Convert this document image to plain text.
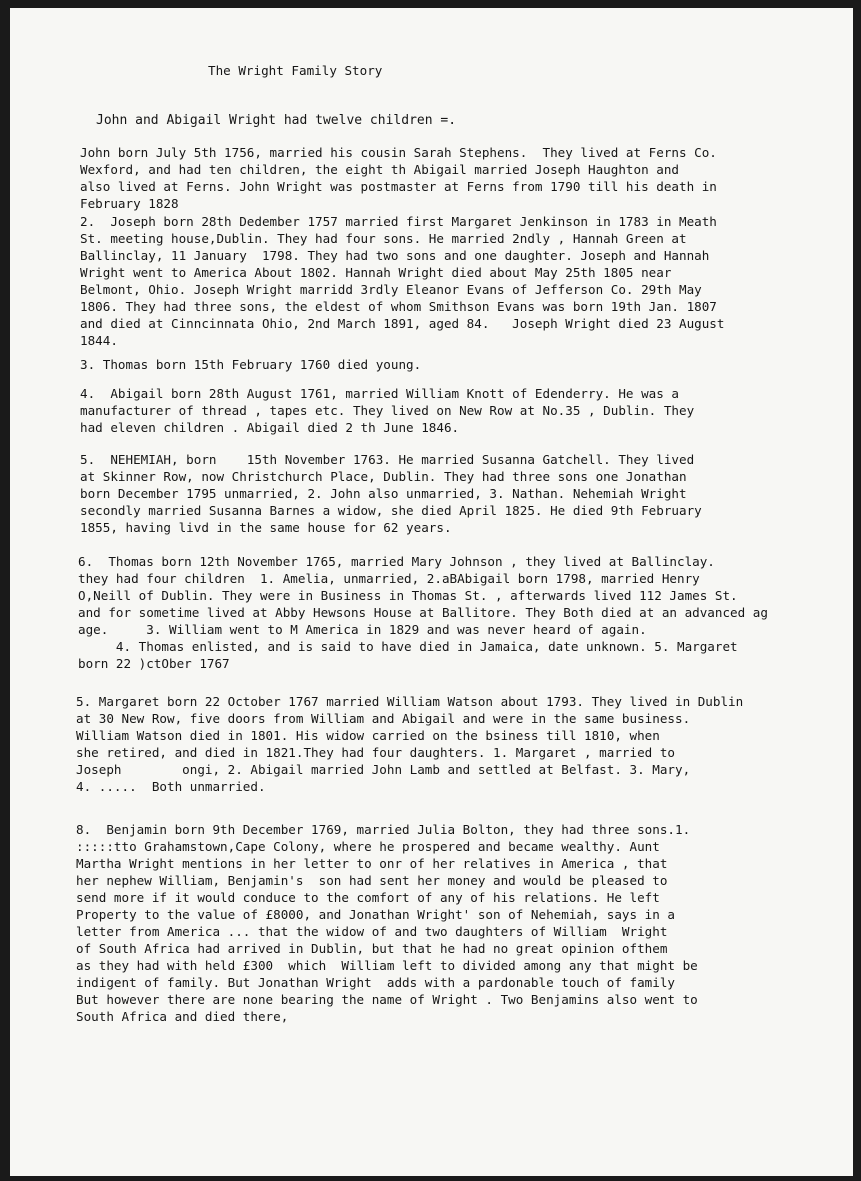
The Wright Family Story
John and Abigail Wright had twelve children =.
John born July 5th 1756, married his cousin Sarah Stephens.  They lived at Ferns Co.
Wexford, and had ten children, the eight th Abigail married Joseph Haughton and
also lived at Ferns. John Wright was postmaster at Ferns from 1790 till his death in
February 1828
2.  Joseph born 28th Dedember 1757 married first Margaret Jenkinson in 1783 in Meath
St. meeting house,Dublin. They had four sons. He married 2ndly , Hannah Green at
Ballinclay, 11 January  1798. They had two sons and one daughter. Joseph and Hannah
Wright went to America About 1802. Hannah Wright died about May 25th 1805 near
Belmont, Ohio. Joseph Wright marridd 3rdly Eleanor Evans of Jefferson Co. 29th May
1806. They had three sons, the eldest of whom Smithson Evans was born 19th Jan. 1807
and died at Cinncinnata Ohio, 2nd March 1891, aged 84.   Joseph Wright died 23 August
1844.
3. Thomas born 15th February 1760 died young.
4.  Abigail born 28th August 1761, married William Knott of Edenderry. He was a
manufacturer of thread , tapes etc. They lived on New Row at No.35 , Dublin. They
had eleven children . Abigail died 2 th June 1846.
5.  NEHEMIAH, born    15th November 1763. He married Susanna Gatchell. They lived
at Skinner Row, now Christchurch Place, Dublin. They had three sons one Jonathan
born December 1795 unmarried, 2. John also unmarried, 3. Nathan. Nehemiah Wright
secondly married Susanna Barnes a widow, she died April 1825. He died 9th February
1855, having livd in the same house for 62 years.
6.  Thomas born 12th November 1765, married Mary Johnson , they lived at Ballinclay.
they had four children  1. Amelia, unmarried, 2.aBAbigail born 1798, married Henry
O,Neill of Dublin. They were in Business in Thomas St. , afterwards lived 112 James St.
and for sometime lived at Abby Hewsons House at Ballitore. They Both died at an advanced ag
age.     3. William went to M America in 1829 and was never heard of again.
4. Thomas enlisted, and is said to have died in Jamaica, date unknown. 5. Margaret
born 22 )ctOber 1767
5. Margaret born 22 October 1767 married William Watson about 1793. They lived in Dublin
at 30 New Row, five doors from William and Abigail and were in the same business.
William Watson died in 1801. His widow carried on the bsiness till 1810, when
she retired, and died in 1821.They had four daughters. 1. Margaret , married to
Joseph        ongi, 2. Abigail married John Lamb and settled at Belfast. 3. Mary,
4. .....  Both unmarried.
8.  Benjamin born 9th December 1769, married Julia Bolton, they had three sons.1.
:::::tto Grahamstown,Cape Colony, where he prospered and became wealthy. Aunt
Martha Wright mentions in her letter to onr of her relatives in America , that
her nephew William, Benjamin's  son had sent her money and would be pleased to
send more if it would conduce to the comfort of any of his relations. He left
Property to the value of £8000, and Jonathan Wright' son of Nehemiah, says in a
letter from America ... that the widow of and two daughters of William  Wright
of South Africa had arrived in Dublin, but that he had no great opinion ofthem
as they had with held £300  which  William left to divided among any that might be
indigent of family. But Jonathan Wright  adds with a pardonable touch of family
But however there are none bearing the name of Wright . Two Benjamins also went to
South Africa and died there,
